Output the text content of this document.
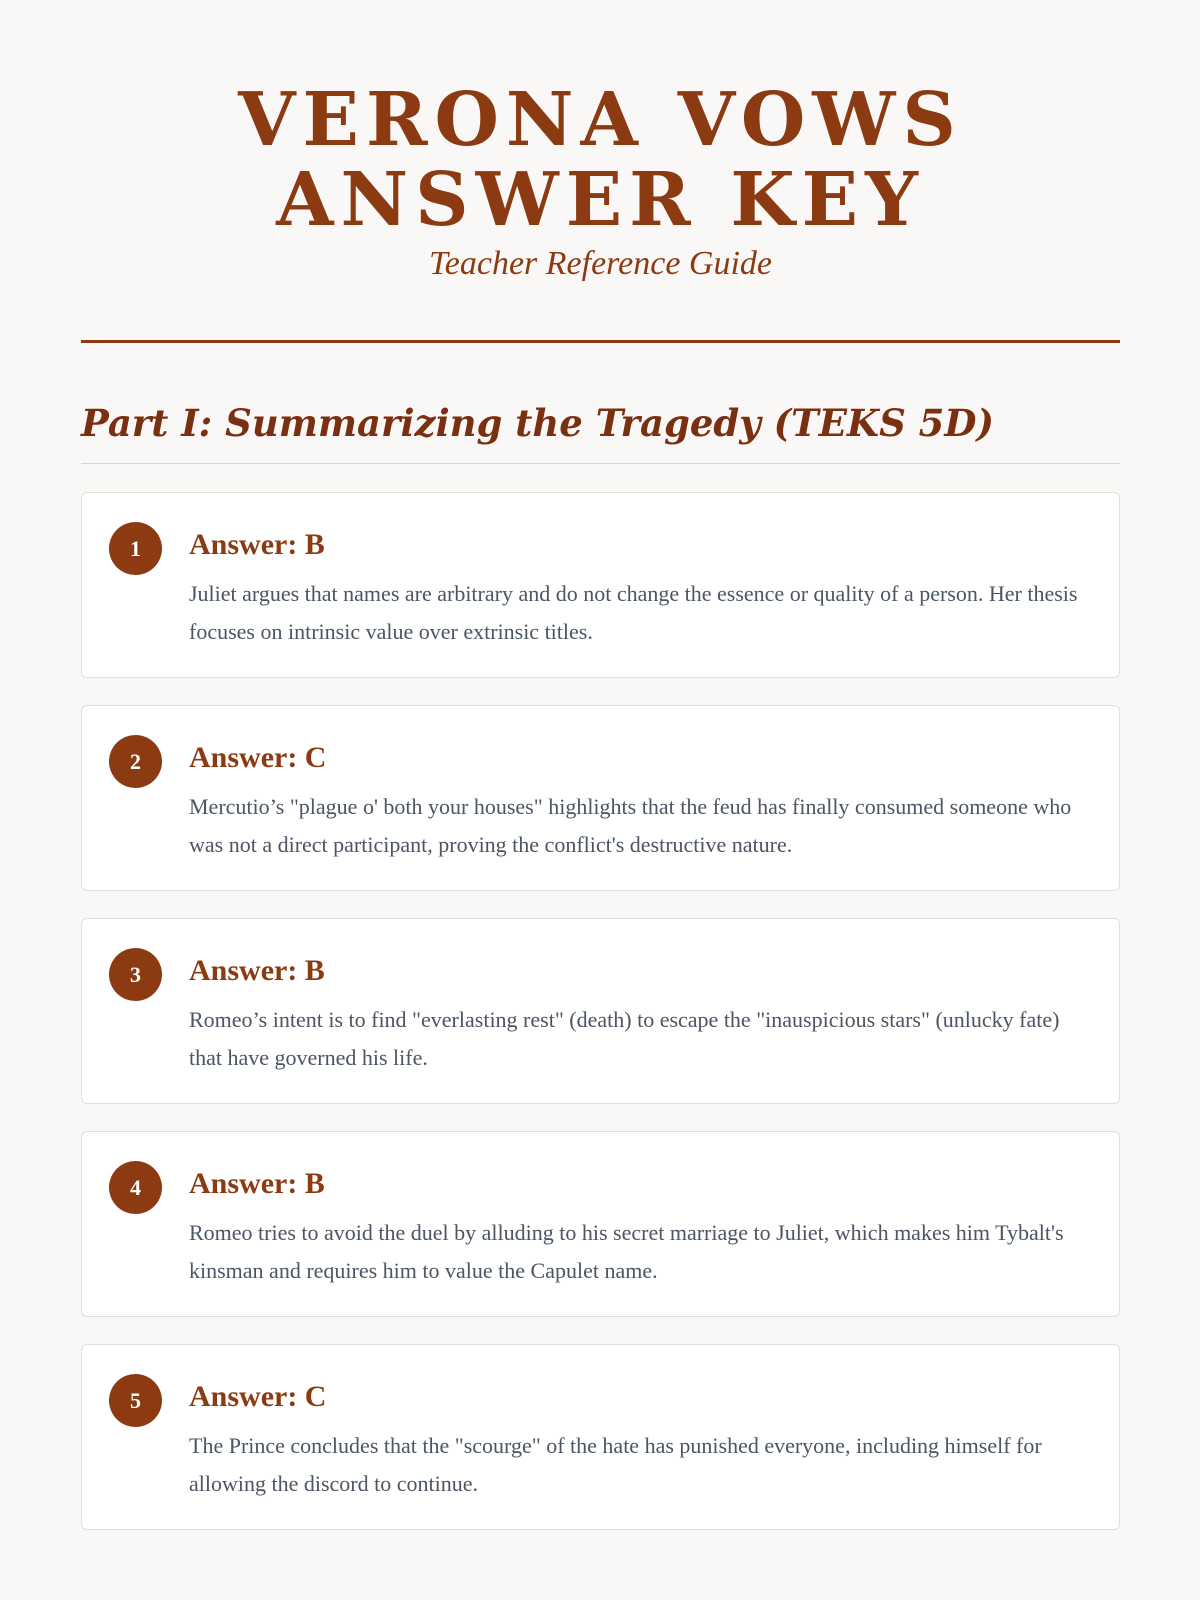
VERONA VOWS
ANSWER KEY
Teacher Reference Guide
Part I: Summarizing the Tragedy (TEKS 5D)
1	Answer: B
Juliet argues that names are arbitrary and do not change the essence or quality of a person. Her thesis focuses on intrinsic value over extrinsic titles.
2	Answer: C
Mercutio’s "plague o' both your houses" highlights that the feud has finally consumed someone who was not a direct participant, proving the conflict's destructive nature.
3	Answer: B
Romeo’s intent is to find "everlasting rest" (death) to escape the "inauspicious stars" (unlucky fate) that have governed his life.
4	Answer: B
Romeo tries to avoid the duel by alluding to his secret marriage to Juliet, which makes him Tybalt's kinsman and requires him to value the Capulet name.
5	Answer: C
The Prince concludes that the "scourge" of the hate has punished everyone, including himself for allowing the discord to continue.
